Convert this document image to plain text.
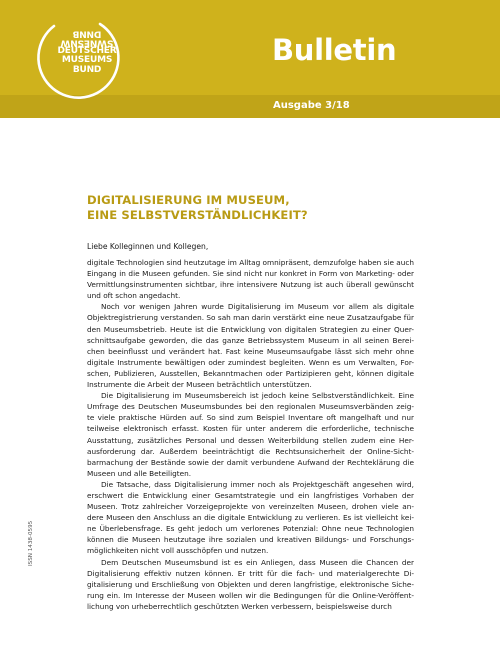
DNNB
SWNESNW
DEUTSCHER
MUSEUMS
BUND
Bulletin
Ausgabe 3/18
DIGITALISIERUNG IM MUSEUM,
EINE SELBSTVERSTÄNDLICHKEIT?
Liebe Kolleginnen und Kollegen,
digitale Technologien sind heutzutage im Alltag omnipräsent, demzufolge haben sie auch
Eingang in die Museen gefunden. Sie sind nicht nur konkret in Form von Marketing- oder
Vermittlungsinstrumenten sichtbar, ihre intensivere Nutzung ist auch überall gewünscht
und oft schon angedacht.
Noch vor wenigen Jahren wurde Digitalisierung im Museum vor allem als digitale
Objektregistrierung verstanden. So sah man darin verstärkt eine neue Zusatzaufgabe für
den Museumsbetrieb. Heute ist die Entwicklung von digitalen Strategien zu einer Quer-
schnittsaufgabe geworden, die das ganze Betriebssystem Museum in all seinen Berei-
chen beeinflusst und verändert hat. Fast keine Museumsaufgabe lässt sich mehr ohne
digitale Instrumente bewältigen oder zumindest begleiten. Wenn es um Verwalten, For-
schen, Publizieren, Ausstellen, Bekanntmachen oder Partizipieren geht, können digitale
Instrumente die Arbeit der Museen beträchtlich unterstützen.
Die Digitalisierung im Museumsbereich ist jedoch keine Selbstverständlichkeit. Eine
Umfrage des Deutschen Museumsbundes bei den regionalen Museumsverbänden zeig-
te viele praktische Hürden auf. So sind zum Beispiel Inventare oft mangelhaft und nur
teilweise elektronisch erfasst. Kosten für unter anderem die erforderliche, technische
Ausstattung, zusätzliches Personal und dessen Weiterbildung stellen zudem eine Her-
ausforderung dar. Außerdem beeinträchtigt die Rechtsunsicherheit der Online-Sicht-
barmachung der Bestände sowie der damit verbundene Aufwand der Rechteklärung die
Museen und alle Beteiligten.
Die Tatsache, dass Digitalisierung immer noch als Projektgeschäft angesehen wird,
erschwert die Entwicklung einer Gesamtstrategie und ein langfristiges Vorhaben der
Museen. Trotz zahlreicher Vorzeigeprojekte von vereinzelten Museen, drohen viele an-
dere Museen den Anschluss an die digitale Entwicklung zu verlieren. Es ist vielleicht kei-
ne Überlebensfrage. Es geht jedoch um verlorenes Potenzial: Ohne neue Technologien
können die Museen heutzutage ihre sozialen und kreativen Bildungs- und Forschungs-
möglichkeiten nicht voll ausschöpfen und nutzen.
Dem Deutschen Museumsbund ist es ein Anliegen, dass Museen die Chancen der
Digitalisierung effektiv nutzen können. Er tritt für die fach- und materialgerechte Di-
gitalisierung und Erschließung von Objekten und deren langfristige, elektronische Siche-
rung ein. Im Interesse der Museen wollen wir die Bedingungen für die Online-Veröffent-
lichung von urheberrechtlich geschützten Werken verbessern, beispielsweise durch
ISSN 1438-0595
